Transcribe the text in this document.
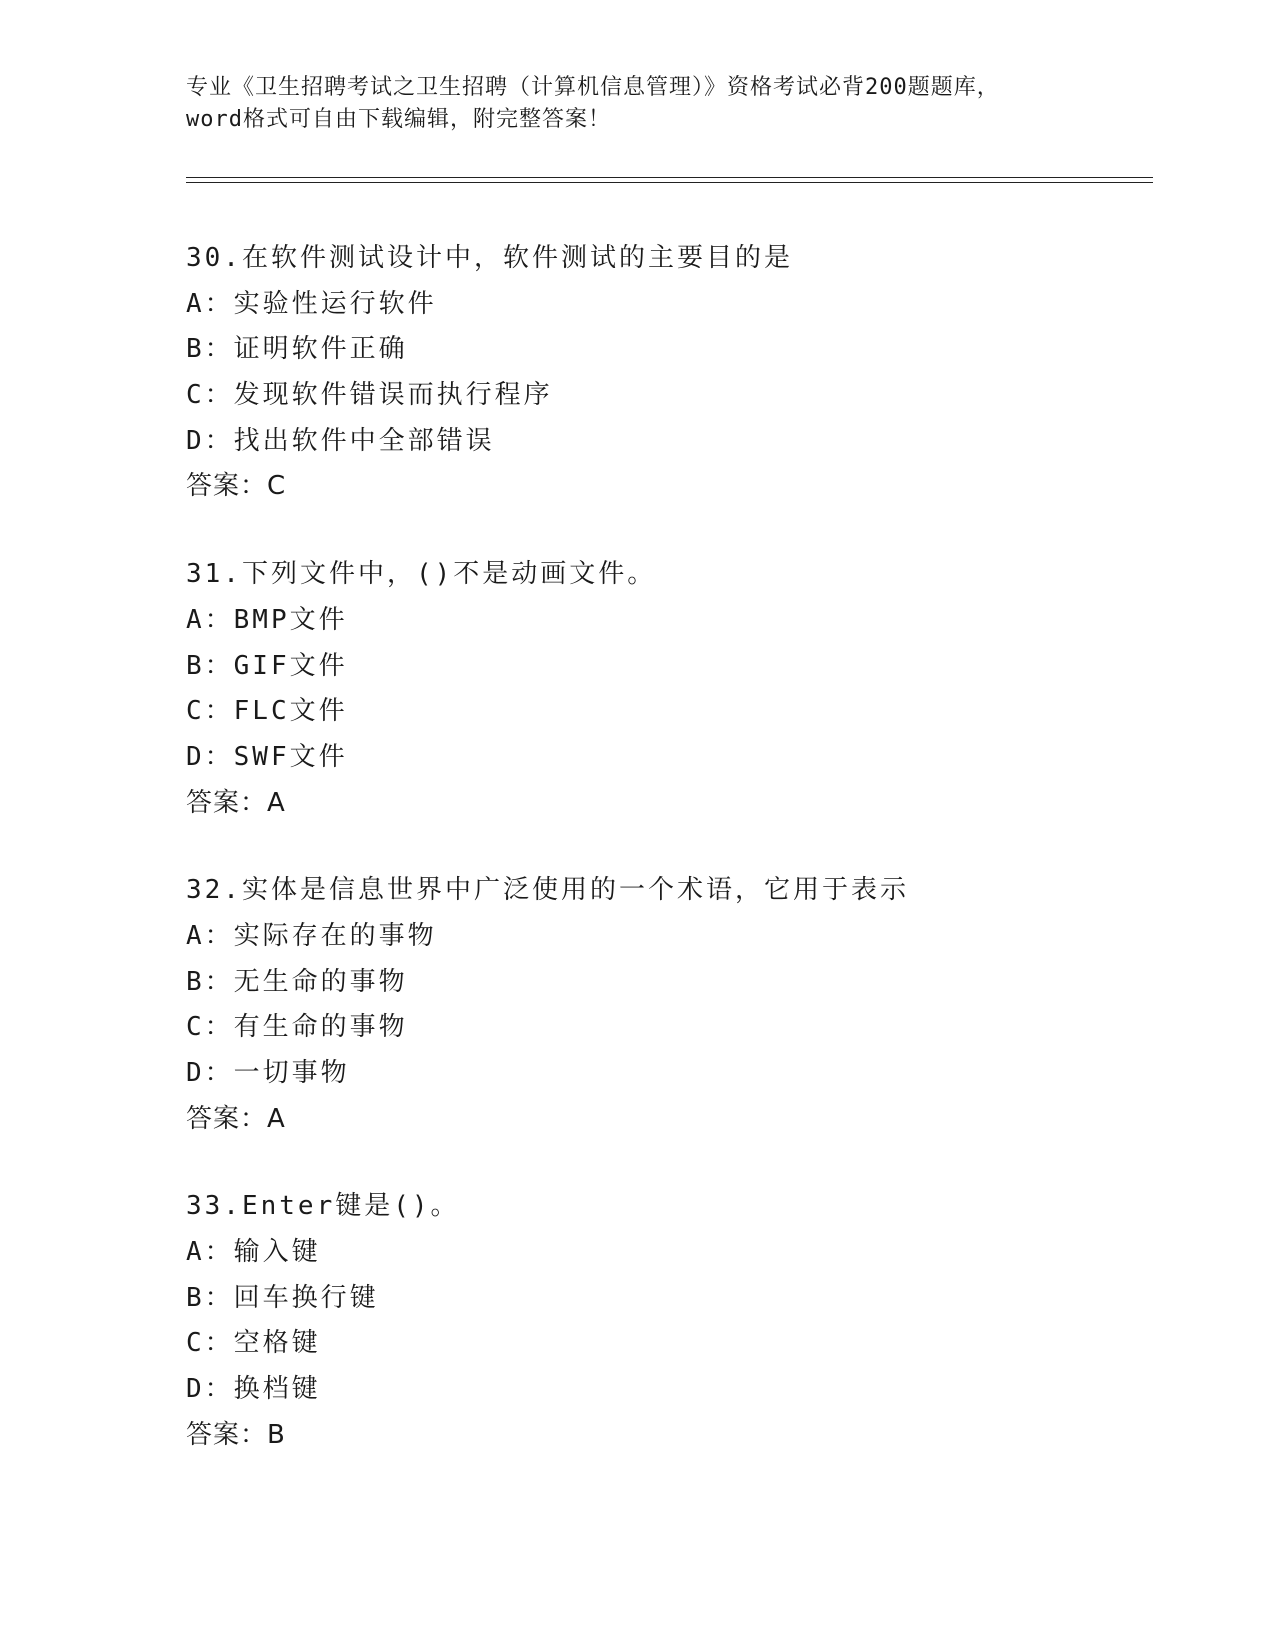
专业《卫生招聘考试之卫生招聘（计算机信息管理）》资格考试必背200题题库，
word格式可自由下载编辑，附完整答案！
30.在软件测试设计中，软件测试的主要目的是
A：实验性运行软件
B：证明软件正确
C：发现软件错误而执行程序
D：找出软件中全部错误
答案：C
31.下列文件中，()不是动画文件。
A：BMP文件
B：GIF文件
C：FLC文件
D：SWF文件
答案：A
32.实体是信息世界中广泛使用的一个术语，它用于表示
A：实际存在的事物
B：无生命的事物
C：有生命的事物
D：一切事物
答案：A
33.Enter键是()。
A：输入键
B：回车换行键
C：空格键
D：换档键
答案：B
